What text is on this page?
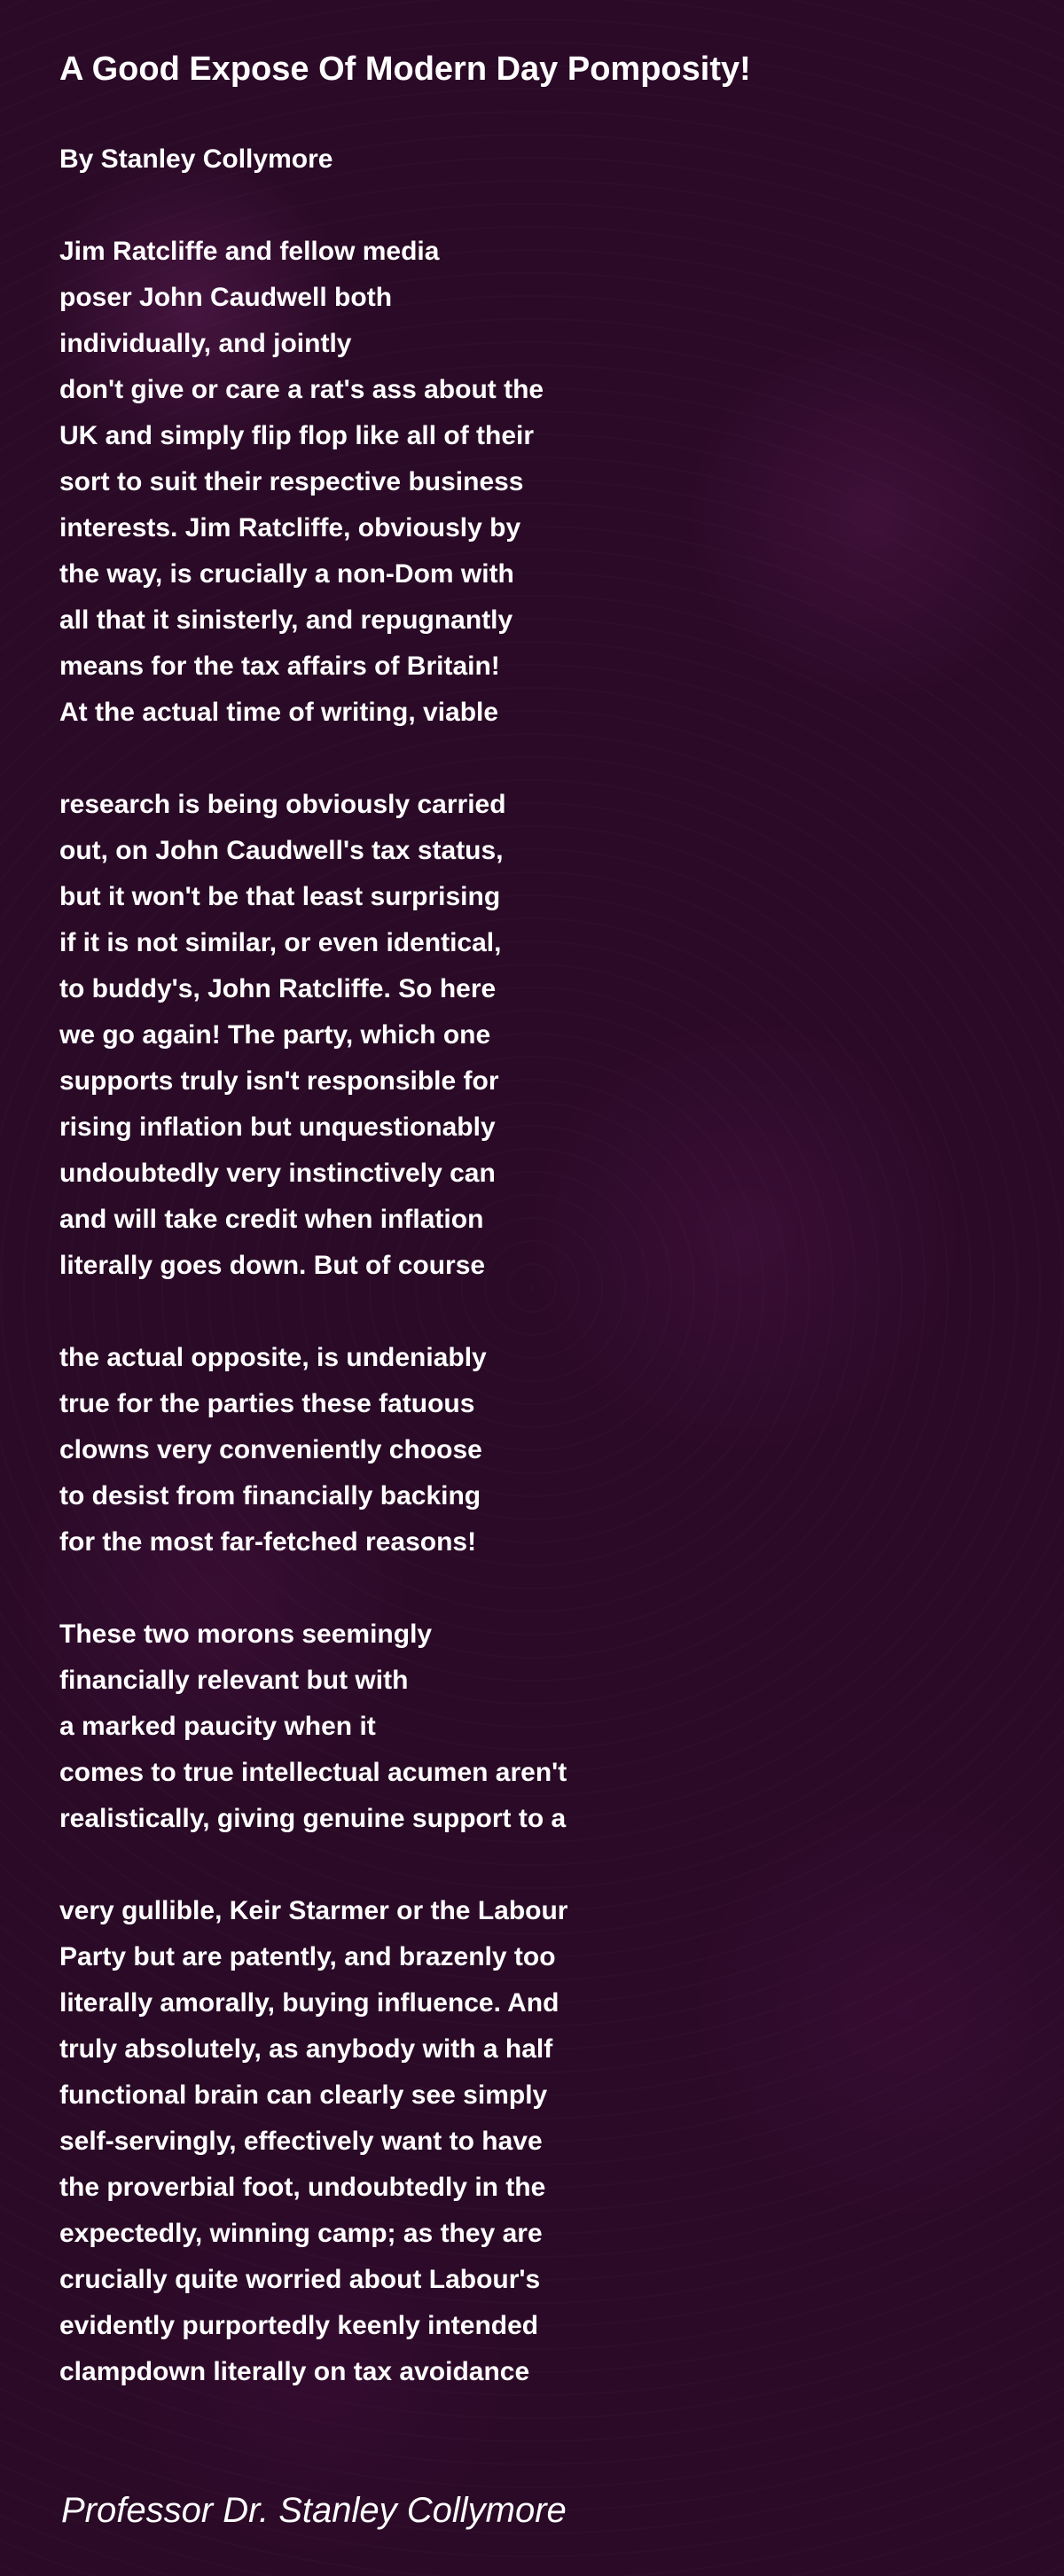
A Good Expose Of Modern Day Pomposity!

By Stanley Collymore

Jim Ratcliffe and fellow media
poser John Caudwell both
individually, and jointly
don't give or care a rat's ass about the
UK and simply flip flop like all of their
sort to suit their respective business
interests. Jim Ratcliffe, obviously by
the way, is crucially a non-Dom with
all that it sinisterly, and repugnantly
means for the tax affairs of Britain!
At the actual time of writing, viable
research is being obviously carried
out, on John Caudwell's tax status,
but it won't be that least surprising
if it is not similar, or even identical,
to buddy's, John Ratcliffe. So here
we go again! The party, which one
supports truly isn't responsible for
rising inflation but unquestionably
undoubtedly very instinctively can
and will take credit when inflation
literally goes down. But of course
the actual opposite, is undeniably
true for the parties these fatuous
clowns very conveniently choose
to desist from financially backing
for the most far-fetched reasons!
These two morons seemingly
financially relevant but with
a marked paucity when it
comes to true intellectual acumen aren't
realistically, giving genuine support to a
very gullible, Keir Starmer or the Labour
Party but are patently, and brazenly too
literally amorally, buying influence. And
truly absolutely, as anybody with a half
functional brain can clearly see simply
self-servingly, effectively want to have
the proverbial foot, undoubtedly in the
expectedly, winning camp; as they are
crucially quite worried about Labour's
evidently purportedly keenly intended
clampdown literally on tax avoidance

Professor Dr. Stanley Collymore
